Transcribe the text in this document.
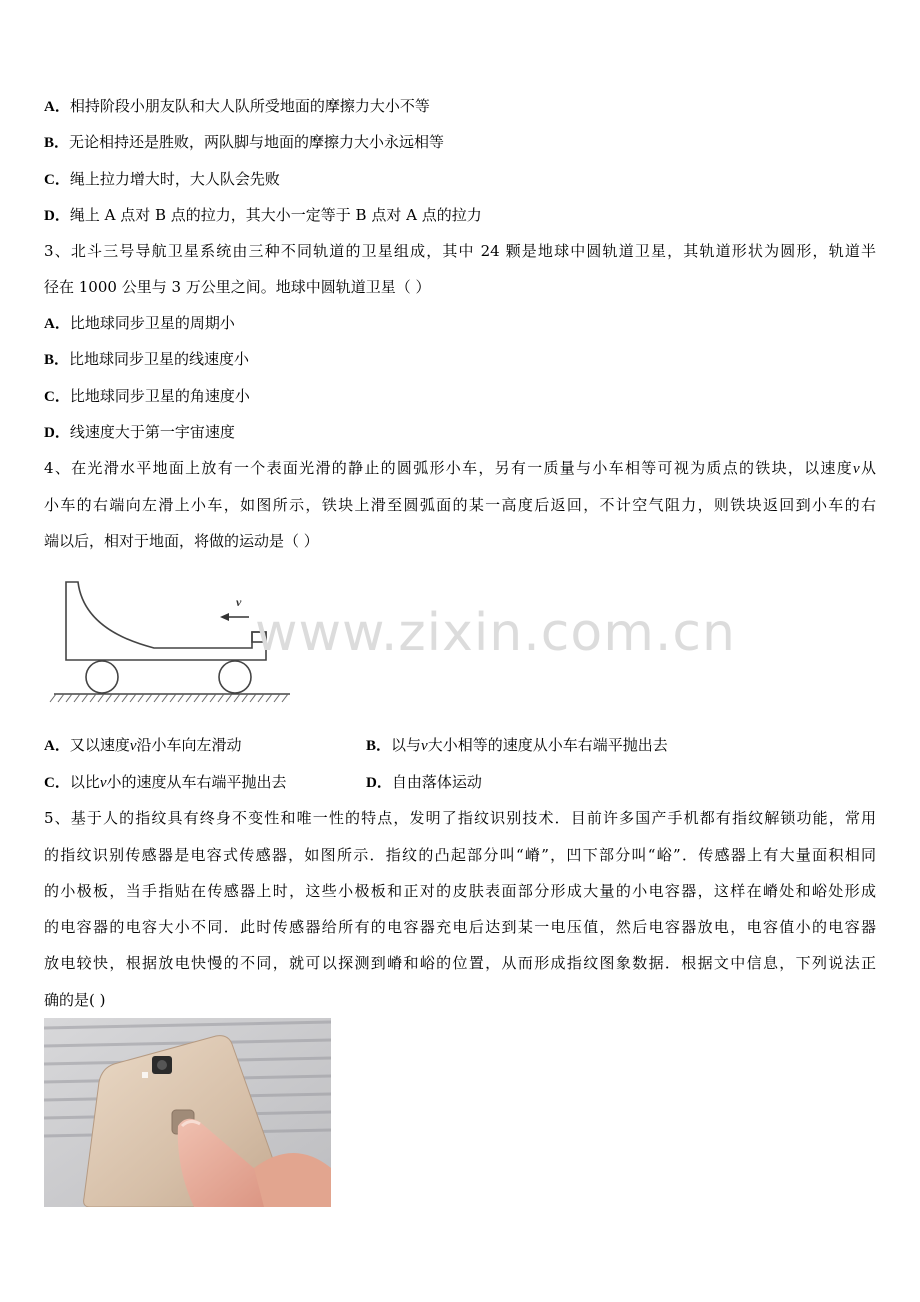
A．相持阶段小朋友队和大人队所受地面的摩擦力大小不等
B．无论相持还是胜败，两队脚与地面的摩擦力大小永远相等
C．绳上拉力增大时，大人队会先败
D．绳上 A 点对 B 点的拉力，其大小一定等于 B 点对 A 点的拉力
3、北斗三号导航卫星系统由三种不同轨道的卫星组成，其中 24 颗是地球中圆轨道卫星，其轨道形状为圆形，轨道半
径在 1000 公里与 3 万公里之间。地球中圆轨道卫星（ ）
A．比地球同步卫星的周期小
B．比地球同步卫星的线速度小
C．比地球同步卫星的角速度小
D．线速度大于第一宇宙速度
4、在光滑水平地面上放有一个表面光滑的静止的圆弧形小车，另有一质量与小车相等可视为质点的铁块，以速度v从
小车的右端向左滑上小车，如图所示，铁块上滑至圆弧面的某一高度后返回，不计空气阻力，则铁块返回到小车的右
端以后，相对于地面，将做的运动是（ ）
v
www.zixin.com.cn
A．又以速度v沿小车向左滑动	B．以与v大小相等的速度从小车右端平抛出去
C．以比v小的速度从车右端平抛出去	D．自由落体运动
5、基于人的指纹具有终身不变性和唯一性的特点，发明了指纹识别技术．目前许多国产手机都有指纹解锁功能，常用
的指纹识别传感器是电容式传感器，如图所示．指纹的凸起部分叫“嵴”，凹下部分叫“峪”．传感器上有大量面积相同
的小极板，当手指贴在传感器上时，这些小极板和正对的皮肤表面部分形成大量的小电容器，这样在嵴处和峪处形成
的电容器的电容大小不同．此时传感器给所有的电容器充电后达到某一电压值，然后电容器放电，电容值小的电容器
放电较快，根据放电快慢的不同，就可以探测到嵴和峪的位置，从而形成指纹图象数据．根据文中信息，下列说法正
确的是( )
